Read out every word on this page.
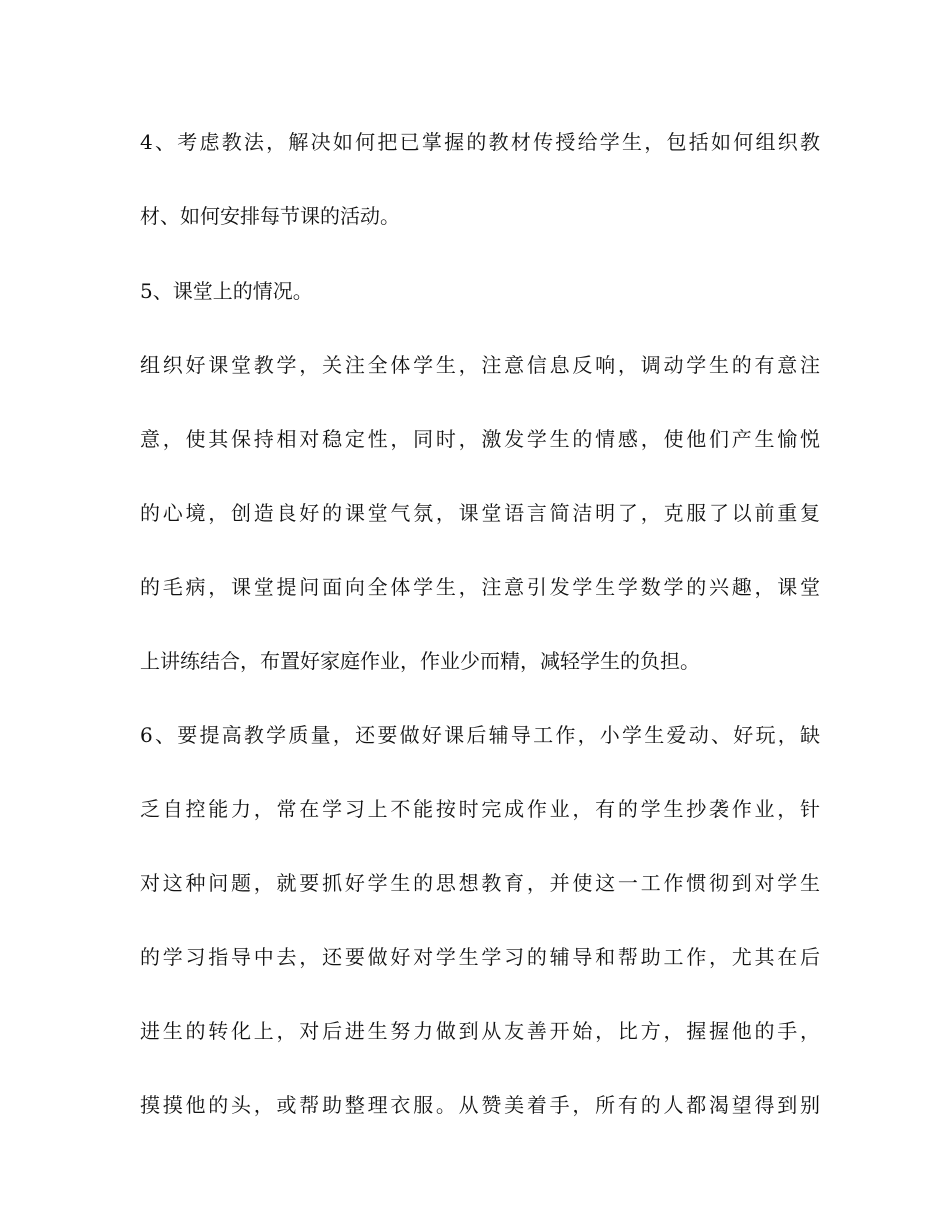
4、考虑教法，解决如何把已掌握的教材传授给学生，包括如何组织教

材、如何安排每节课的活动。

5、课堂上的情况。

组织好课堂教学，关注全体学生，注意信息反响，调动学生的有意注

意，使其保持相对稳定性，同时，激发学生的情感，使他们产生愉悦

的心境，创造良好的课堂气氛，课堂语言简洁明了，克服了以前重复

的毛病，课堂提问面向全体学生，注意引发学生学数学的兴趣，课堂

上讲练结合，布置好家庭作业，作业少而精，减轻学生的负担。

6、要提高教学质量，还要做好课后辅导工作，小学生爱动、好玩，缺

乏自控能力，常在学习上不能按时完成作业，有的学生抄袭作业，针

对这种问题，就要抓好学生的思想教育，并使这一工作惯彻到对学生

的学习指导中去，还要做好对学生学习的辅导和帮助工作，尤其在后

进生的转化上，对后进生努力做到从友善开始，比方，握握他的手，

摸摸他的头，或帮助整理衣服。从赞美着手，所有的人都渴望得到别
